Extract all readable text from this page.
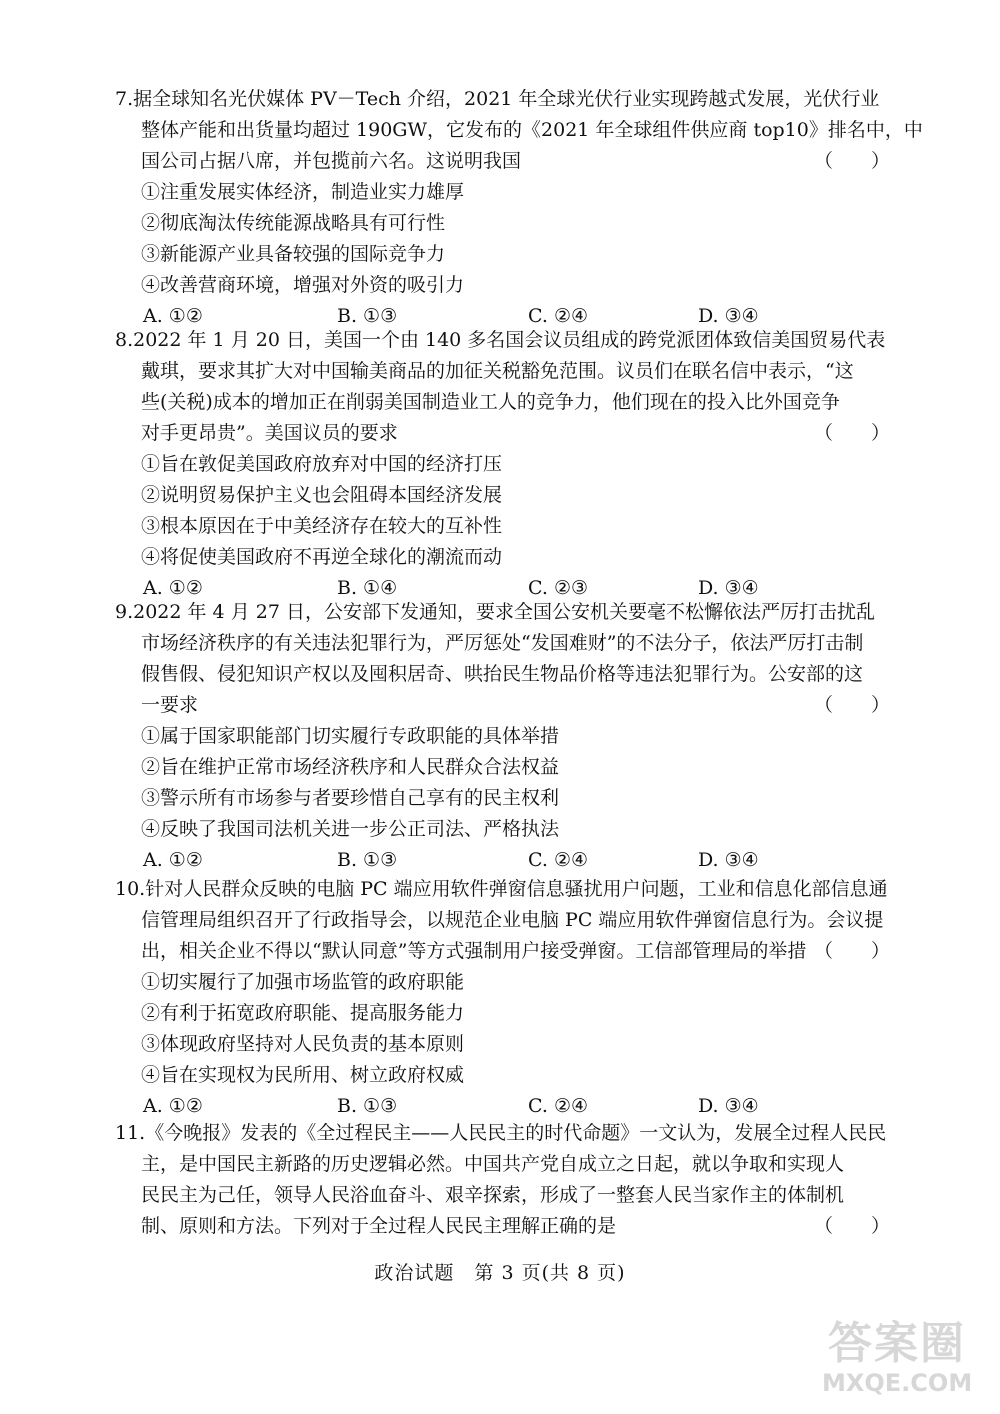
7.据全球知名光伏媒体 PV－Tech 介绍，2021 年全球光伏行业实现跨越式发展，光伏行业
整体产能和出货量均超过 190GW，它发布的《2021 年全球组件供应商 top10》排名中，中
国公司占据八席，并包揽前六名。这说明我国	（　　）
①注重发展实体经济，制造业实力雄厚
②彻底淘汰传统能源战略具有可行性
③新能源产业具备较强的国际竞争力
④改善营商环境，增强对外资的吸引力
A. ①②	B. ①③	C. ②④	D. ③④
8.2022 年 1 月 20 日，美国一个由 140 多名国会议员组成的跨党派团体致信美国贸易代表
戴琪，要求其扩大对中国输美商品的加征关税豁免范围。议员们在联名信中表示，“这
些(关税)成本的增加正在削弱美国制造业工人的竞争力，他们现在的投入比外国竞争
对手更昂贵”。美国议员的要求	（　　）
①旨在敦促美国政府放弃对中国的经济打压
②说明贸易保护主义也会阻碍本国经济发展
③根本原因在于中美经济存在较大的互补性
④将促使美国政府不再逆全球化的潮流而动
A. ①②	B. ①④	C. ②③	D. ③④
9.2022 年 4 月 27 日，公安部下发通知，要求全国公安机关要毫不松懈依法严厉打击扰乱
市场经济秩序的有关违法犯罪行为，严厉惩处“发国难财”的不法分子，依法严厉打击制
假售假、侵犯知识产权以及囤积居奇、哄抬民生物品价格等违法犯罪行为。公安部的这
一要求	（　　）
①属于国家职能部门切实履行专政职能的具体举措
②旨在维护正常市场经济秩序和人民群众合法权益
③警示所有市场参与者要珍惜自己享有的民主权利
④反映了我国司法机关进一步公正司法、严格执法
A. ①②	B. ①③	C. ②④	D. ③④
10.针对人民群众反映的电脑 PC 端应用软件弹窗信息骚扰用户问题，工业和信息化部信息通
信管理局组织召开了行政指导会，以规范企业电脑 PC 端应用软件弹窗信息行为。会议提
出，相关企业不得以“默认同意”等方式强制用户接受弹窗。工信部管理局的举措 （　　）
①切实履行了加强市场监管的政府职能
②有利于拓宽政府职能、提高服务能力
③体现政府坚持对人民负责的基本原则
④旨在实现权为民所用、树立政府权威
A. ①②	B. ①③	C. ②④	D. ③④
11.《今晚报》发表的《全过程民主——人民民主的时代命题》一文认为，发展全过程人民民
主，是中国民主新路的历史逻辑必然。中国共产党自成立之日起，就以争取和实现人
民民主为己任，领导人民浴血奋斗、艰辛探索，形成了一整套人民当家作主的体制机
制、原则和方法。下列对于全过程人民民主理解正确的是	（　　）
政治试题　第 3 页(共 8 页)
答案圈
MXQE.COM
